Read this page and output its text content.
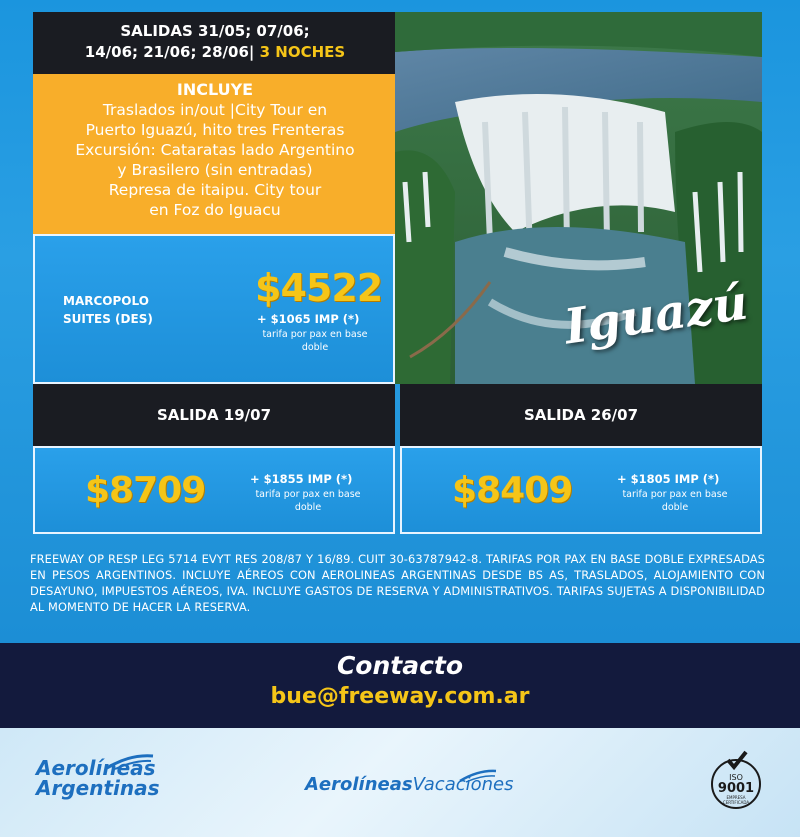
SALIDAS 31/05; 07/06;
14/06; 21/06; 28/06| 3 NOCHES
INCLUYE
Traslados in/out |City Tour en
Puerto Iguazú, hito tres Frenteras
Excursión: Cataratas lado Argentino
y Brasilero (sin entradas)
Represa de itaipu. City tour
en Foz do Iguacu
MARCOPOLO SUITES (DES)
$4522
+ $1065 IMP (*)
tarifa por pax en base doble	Iguazú
SALIDA 19/07	SALIDA 26/07
$8709	+ $1855 IMP (*)
tarifa por pax en base doble	$8409	+ $1805 IMP (*)
tarifa por pax en base doble
FREEWAY OP RESP LEG 5714 EVYT RES 208/87 Y 16/89. CUIT 30-63787942-8. TARIFAS POR PAX EN BASE DOBLE EXPRESADAS EN PESOS ARGENTINOS. INCLUYE AÉREOS CON AEROLINEAS ARGENTINAS DESDE BS AS, TRASLADOS, ALOJAMIENTO CON DESAYUNO, IMPUESTOS AÉREOS, IVA. INCLUYE GASTOS DE RESERVA Y ADMINISTRATIVOS. TARIFAS SUJETAS A DISPONIBILIDAD AL MOMENTO DE HACER LA RESERVA.
Contacto
bue@freeway.com.ar
Aerolíneas
Argentinas	AerolíneasVacaciones	ISO
9001
EMPRESA
CERTIFICADA
